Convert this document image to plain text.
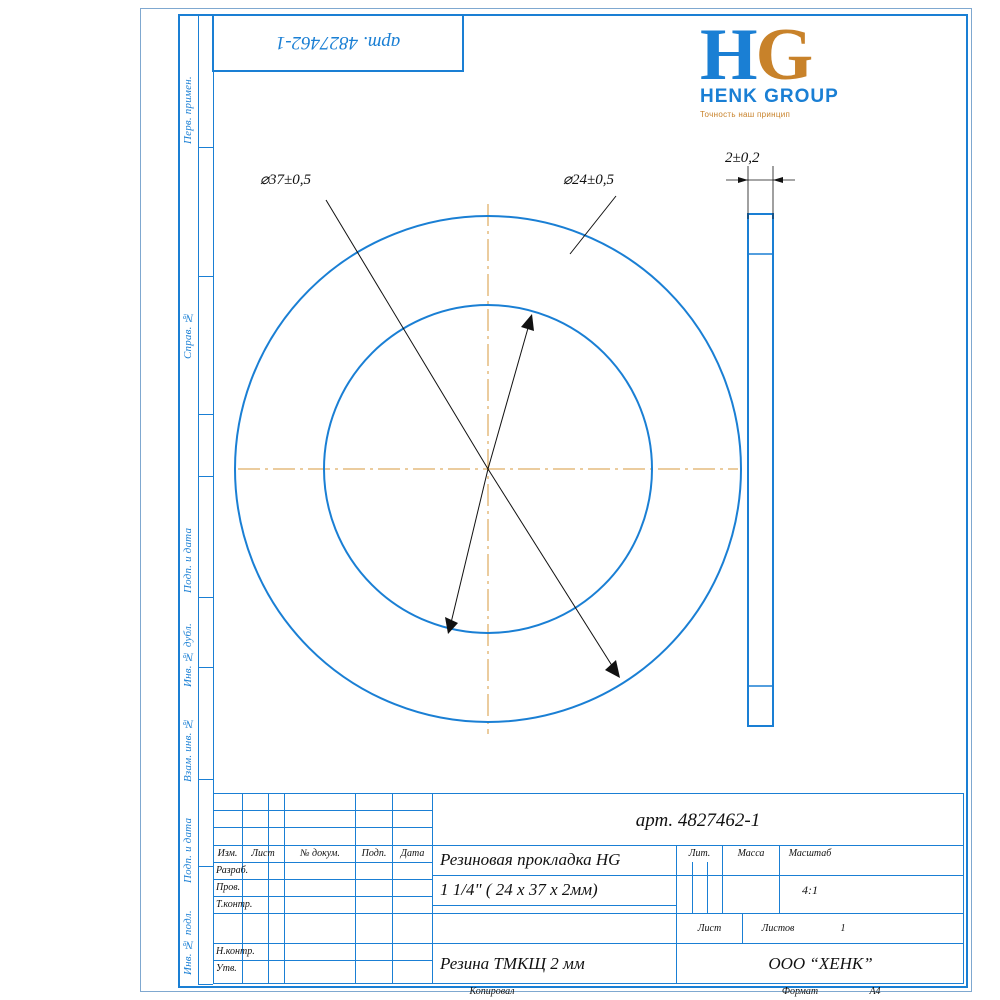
Перв. примен.
Справ. №
Подп. и дата
Инв. № дубл.
Взам. инв. №
Подп. и дата
Инв. № подл.
арт. 4827462-1	HG
HENK GROUP
Точность наш принцип
2±0,2
⌀37±0,5	⌀24±0,5
арт. 4827462-1
Изм.	Лист	№ докум.	Подп.	Дата
Разраб.
Пров.
Т.контр.
Н.контр.
Утв.
Резиновая прокладка HG
1 1/4" ( 24 x 37 x 2мм)
Резина ТМКЩ 2 мм
Лит.	Масса	Масштаб
4:1
Лист	Листов	1
ООО “ХЕНК”
Копировал	Формат	А4
